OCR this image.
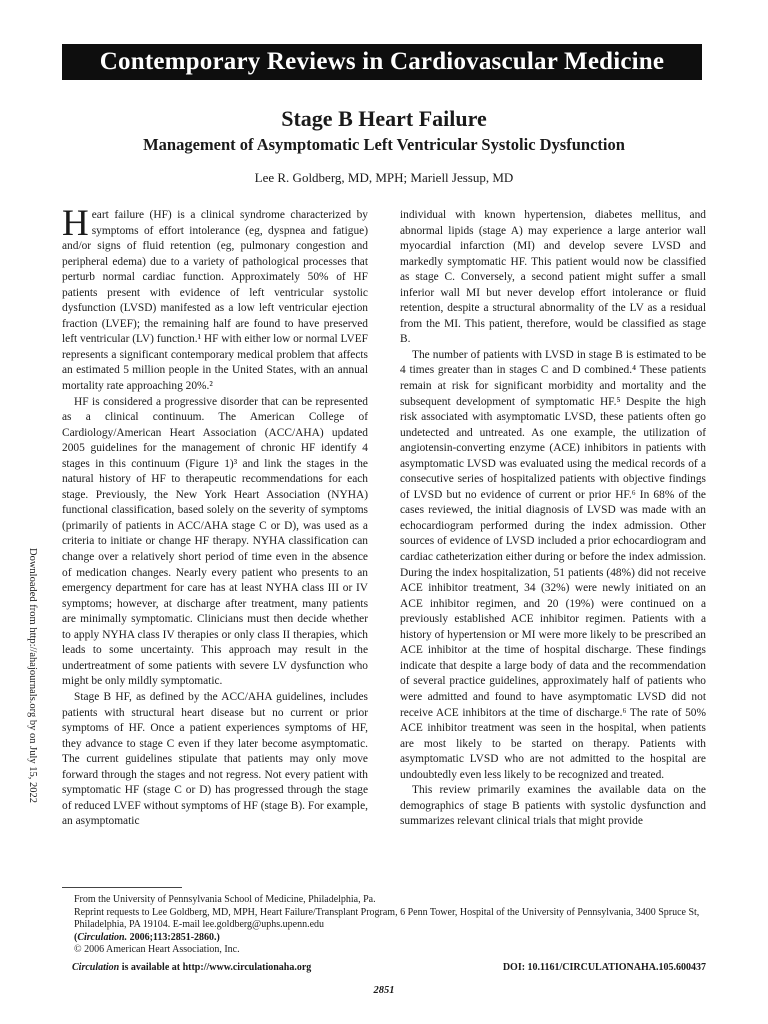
Contemporary Reviews in Cardiovascular Medicine
Stage B Heart Failure
Management of Asymptomatic Left Ventricular Systolic Dysfunction
Lee R. Goldberg, MD, MPH; Mariell Jessup, MD

Heart failure (HF) is a clinical syndrome characterized by symptoms of effort intolerance (eg, dyspnea and fatigue) and/or signs of fluid retention (eg, pulmonary congestion and peripheral edema) due to a variety of pathological processes that perturb normal cardiac function. Approximately 50% of HF patients present with evidence of left ventricular systolic dysfunction (LVSD) manifested as a low left ventricular ejection fraction (LVEF); the remaining half are found to have preserved left ventricular (LV) function.¹ HF with either low or normal LVEF represents a significant contemporary medical problem that affects an estimated 5 million people in the United States, with an annual mortality rate approaching 20%.²

HF is considered a progressive disorder that can be represented as a clinical continuum. The American College of Cardiology/American Heart Association (ACC/AHA) updated 2005 guidelines for the management of chronic HF identify 4 stages in this continuum (Figure 1)³ and link the stages in the natural history of HF to therapeutic recommendations for each stage. Previously, the New York Heart Association (NYHA) functional classification, based solely on the severity of symptoms (primarily of patients in ACC/AHA stage C or D), was used as a criteria to initiate or change HF therapy. NYHA classification can change over a relatively short period of time even in the absence of medication changes. Nearly every patient who presents to an emergency department for care has at least NYHA class III or IV symptoms; however, at discharge after treatment, many patients are minimally symptomatic. Clinicians must then decide whether to apply NYHA class IV therapies or only class II therapies, which leads to some uncertainty. This approach may result in the undertreatment of some patients with severe LV dysfunction who might be only mildly symptomatic.

Stage B HF, as defined by the ACC/AHA guidelines, includes patients with structural heart disease but no current or prior symptoms of HF. Once a patient experiences symptoms of HF, they advance to stage C even if they later become asymptomatic. The current guidelines stipulate that patients may only move forward through the stages and not regress. Not every patient with symptomatic HF (stage C or D) has progressed through the stage of reduced LVEF without symptoms of HF (stage B). For example, an asymptomatic

individual with known hypertension, diabetes mellitus, and abnormal lipids (stage A) may experience a large anterior wall myocardial infarction (MI) and develop severe LVSD and markedly symptomatic HF. This patient would now be classified as stage C. Conversely, a second patient might suffer a small inferior wall MI but never develop effort intolerance or fluid retention, despite a structural abnormality of the LV as a residual from the MI. This patient, therefore, would be classified as stage B.

The number of patients with LVSD in stage B is estimated to be 4 times greater than in stages C and D combined.⁴ These patients remain at risk for significant morbidity and mortality and the subsequent development of symptomatic HF.⁵ Despite the high risk associated with asymptomatic LVSD, these patients often go undetected and untreated. As one example, the utilization of angiotensin-converting enzyme (ACE) inhibitors in patients with asymptomatic LVSD was evaluated using the medical records of a consecutive series of hospitalized patients with objective findings of LVSD but no evidence of current or prior HF.⁶ In 68% of the cases reviewed, the initial diagnosis of LVSD was made with an echocardiogram performed during the index admission. Other sources of evidence of LVSD included a prior echocardiogram and cardiac catheterization either during or before the index admission. During the index hospitalization, 51 patients (48%) did not receive ACE inhibitor treatment, 34 (32%) were newly initiated on an ACE inhibitor regimen, and 20 (19%) were continued on a previously established ACE inhibitor regimen. Patients with a history of hypertension or MI were more likely to be prescribed an ACE inhibitor at the time of hospital discharge. These findings indicate that despite a large body of data and the recommendation of several practice guidelines, approximately half of patients who were admitted and found to have asymptomatic LVSD did not receive ACE inhibitors at the time of discharge.⁶ The rate of 50% ACE inhibitor treatment was seen in the hospital, when patients are most likely to be started on therapy. Patients with asymptomatic LVSD who are not admitted to the hospital are undoubtedly even less likely to be recognized and treated.

This review primarily examines the available data on the demographics of stage B patients with systolic dysfunction and summarizes relevant clinical trials that might provide

Downloaded from http://ahajournals.org by on July 15, 2022
From the University of Pennsylvania School of Medicine, Philadelphia, Pa.
Reprint requests to Lee Goldberg, MD, MPH, Heart Failure/Transplant Program, 6 Penn Tower, Hospital of the University of Pennsylvania, 3400 Spruce St, Philadelphia, PA 19104. E-mail lee.goldberg@uphs.upenn.edu
(Circulation. 2006;113:2851-2860.)
© 2006 American Heart Association, Inc.
Circulation is available at http://www.circulationaha.org	DOI: 10.1161/CIRCULATIONAHA.105.600437
2851
